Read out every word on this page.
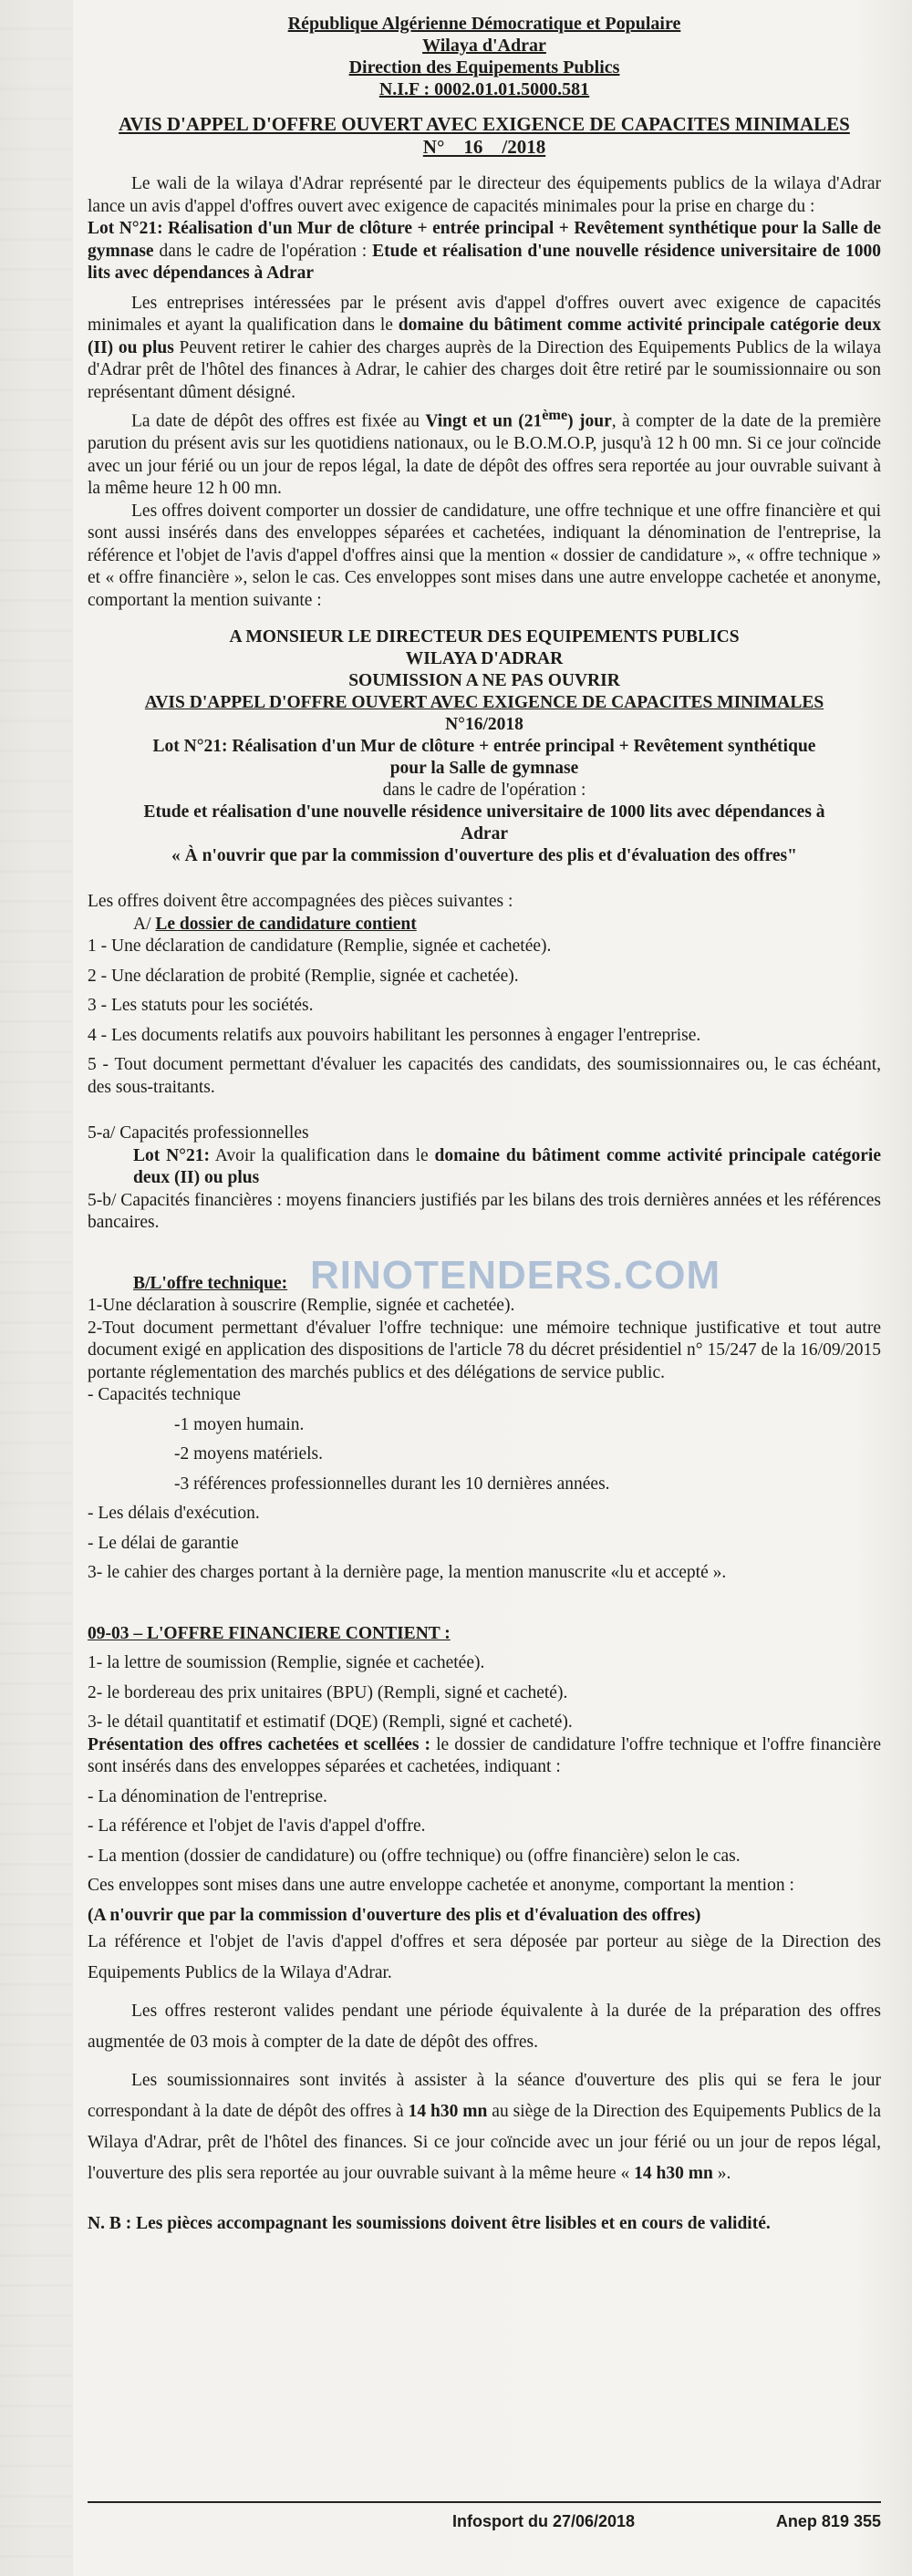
République Algérienne Démocratique et Populaire
Wilaya d'Adrar
Direction des Equipements Publics
N.I.F : 0002.01.01.5000.581
AVIS D'APPEL D'OFFRE OUVERT AVEC EXIGENCE DE CAPACITES MINIMALES
N°    16    /2018

Le wali de la wilaya d'Adrar représenté par le directeur des équipements publics de la wilaya d'Adrar lance un avis d'appel d'offres ouvert avec exigence de capacités minimales pour la prise en charge du :

Lot N°21: Réalisation d'un Mur de clôture + entrée principal + Revêtement synthétique pour la Salle de gymnase dans le cadre de l'opération : Etude et réalisation d'une nouvelle résidence universitaire de 1000 lits avec dépendances à Adrar

Les entreprises intéressées par le présent avis d'appel d'offres ouvert avec exigence de capacités minimales et ayant la qualification dans le domaine du bâtiment comme activité principale catégorie deux (II) ou plus Peuvent retirer le cahier des charges auprès de la Direction des Equipements Publics de la wilaya d'Adrar prêt de l'hôtel des finances à Adrar, le cahier des charges doit être retiré par le soumissionnaire ou son représentant dûment désigné.

La date de dépôt des offres est fixée au Vingt et un (21ème) jour, à compter de la date de la première parution du présent avis sur les quotidiens nationaux, ou le B.O.M.O.P, jusqu'à 12 h 00 mn. Si ce jour coïncide avec un jour férié ou un jour de repos légal, la date de dépôt des offres sera reportée au jour ouvrable suivant à la même heure 12 h 00 mn.

Les offres doivent comporter un dossier de candidature, une offre technique et une offre financière et qui sont aussi insérés dans des enveloppes séparées et cachetées, indiquant la dénomination de l'entreprise, la référence et l'objet de l'avis d'appel d'offres ainsi que la mention « dossier de candidature », « offre technique » et « offre financière », selon le cas. Ces enveloppes sont mises dans une autre enveloppe cachetée et anonyme, comportant la mention suivante :

A MONSIEUR LE DIRECTEUR DES EQUIPEMENTS PUBLICS
WILAYA D'ADRAR
SOUMISSION A NE PAS OUVRIR
AVIS D'APPEL D'OFFRE OUVERT AVEC EXIGENCE DE CAPACITES MINIMALES
N°16/2018
Lot N°21: Réalisation d'un Mur de clôture + entrée principal + Revêtement synthétique pour la Salle de gymnase
dans le cadre de l'opération :
Etude et réalisation d'une nouvelle résidence universitaire de 1000 lits avec dépendances à Adrar
« À n'ouvrir que par la commission d'ouverture des plis et d'évaluation des offres"

Les offres doivent être accompagnées des pièces suivantes :

A/ Le dossier de candidature contient

1 - Une déclaration de candidature (Remplie, signée et cachetée).

2 - Une déclaration de probité (Remplie, signée et cachetée).

3 - Les statuts pour les sociétés.

4 - Les documents relatifs aux pouvoirs habilitant les personnes à engager l'entreprise.

5 - Tout document permettant d'évaluer les capacités des candidats, des soumissionnaires ou, le cas échéant, des sous-traitants.

5-a/ Capacités professionnelles

Lot N°21: Avoir la qualification dans le domaine du bâtiment comme activité principale catégorie deux (II) ou plus

5-b/ Capacités financières : moyens financiers justifiés par les bilans des trois dernières années et les références bancaires.

B/L'offre technique:

1-Une déclaration à souscrire (Remplie, signée et cachetée).

2-Tout document permettant d'évaluer l'offre technique: une mémoire technique justificative et tout autre document exigé en application des dispositions de l'article 78 du décret présidentiel n° 15/247 de la 16/09/2015 portante réglementation des marchés publics et des délégations de service public.

- Capacités technique

-1 moyen humain.

-2 moyens matériels.

-3 références professionnelles durant les 10 dernières années.

- Les délais d'exécution.

- Le délai de garantie

3- le cahier des charges portant à la dernière page, la mention manuscrite «lu et accepté ».

09-03 – L'OFFRE FINANCIERE CONTIENT :

1- la lettre de soumission (Remplie, signée et cachetée).

2- le bordereau des prix unitaires (BPU) (Rempli, signé et cacheté).

3- le détail quantitatif et estimatif (DQE) (Rempli, signé et cacheté).

Présentation des offres cachetées et scellées : le dossier de candidature l'offre technique et l'offre financière sont insérés dans des enveloppes séparées et cachetées, indiquant :

- La dénomination de l'entreprise.

- La référence et l'objet de l'avis d'appel d'offre.

- La mention (dossier de candidature) ou (offre technique) ou (offre financière) selon le cas.

Ces enveloppes sont mises dans une autre enveloppe cachetée et anonyme, comportant la mention :

(A n'ouvrir que par la commission d'ouverture des plis et d'évaluation des offres)

La référence et l'objet de l'avis d'appel d'offres et sera déposée par porteur au siège de la Direction des Equipements Publics de la Wilaya d'Adrar.

Les offres resteront valides pendant une période équivalente à la durée de la préparation des offres augmentée de 03 mois à compter de la date de dépôt des offres.

Les soumissionnaires sont invités à assister à la séance d'ouverture des plis qui se fera le jour correspondant à la date de dépôt des offres à 14 h30 mn au siège de la Direction des Equipements Publics de la Wilaya d'Adrar, prêt de l'hôtel des finances. Si ce jour coïncide avec un jour férié ou un jour de repos légal, l'ouverture des plis sera reportée au jour ouvrable suivant à la même heure « 14 h30 mn ».

N. B : Les pièces accompagnant les soumissions doivent être lisibles et en cours de validité.

RINOTENDERS.COM
Infosport du 27/06/2018	Anep 819 355
